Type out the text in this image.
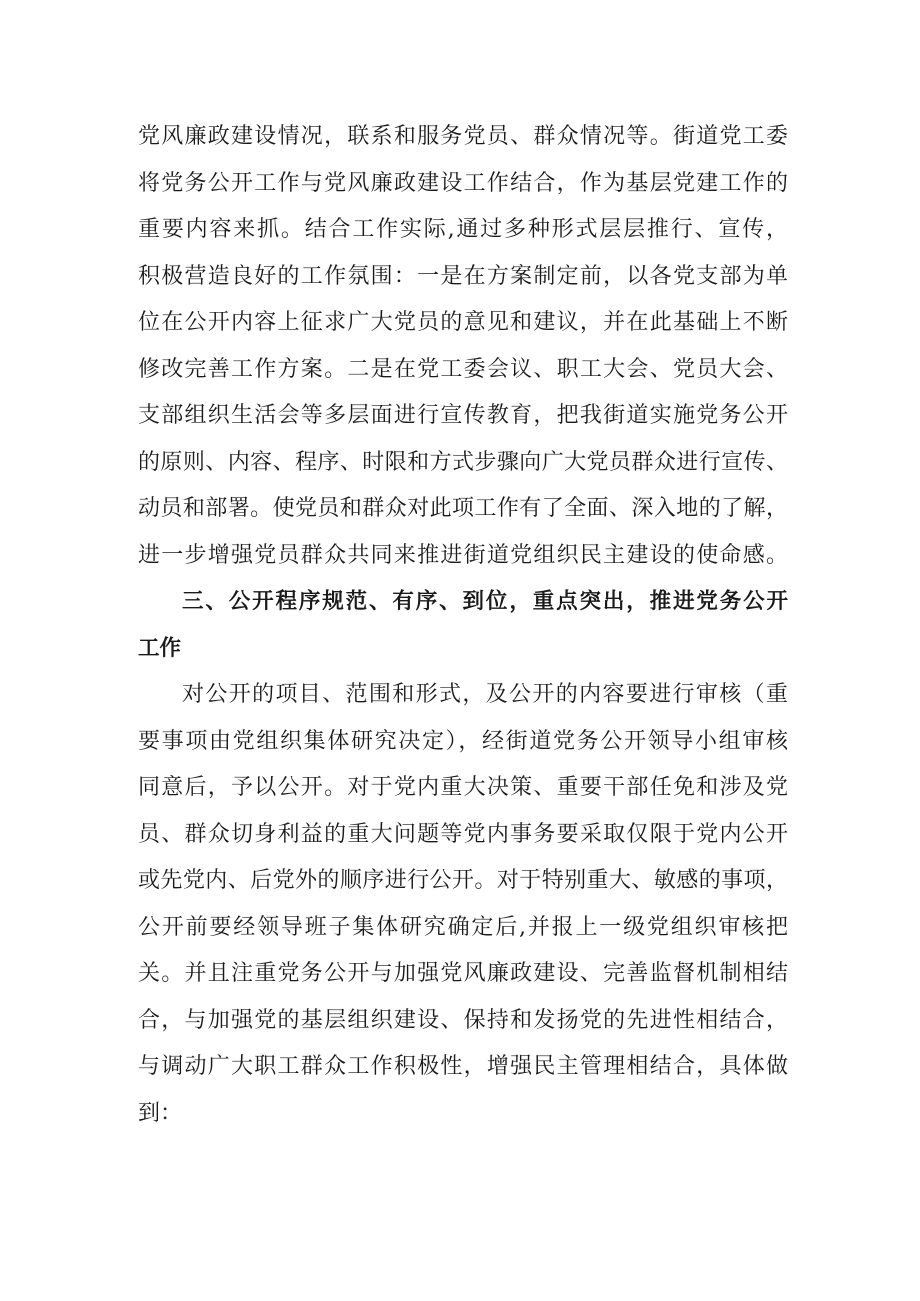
党风廉政建设情况，联系和服务党员、群众情况等。街道党工委
将党务公开工作与党风廉政建设工作结合，作为基层党建工作的
重要内容来抓。结合工作实际,通过多种形式层层推行、宣传，
积极营造良好的工作氛围：一是在方案制定前，以各党支部为单
位在公开内容上征求广大党员的意见和建议，并在此基础上不断
修改完善工作方案。二是在党工委会议、职工大会、党员大会、
支部组织生活会等多层面进行宣传教育，把我街道实施党务公开
的原则、内容、程序、时限和方式步骤向广大党员群众进行宣传、
动员和部署。使党员和群众对此项工作有了全面、深入地的了解，
进一步增强党员群众共同来推进街道党组织民主建设的使命感。
三、公开程序规范、有序、到位，重点突出，推进党务公开
工作
对公开的项目、范围和形式，及公开的内容要进行审核（重
要事项由党组织集体研究决定），经街道党务公开领导小组审核
同意后，予以公开。对于党内重大决策、重要干部任免和涉及党
员、群众切身利益的重大问题等党内事务要采取仅限于党内公开
或先党内、后党外的顺序进行公开。对于特别重大、敏感的事项，
公开前要经领导班子集体研究确定后,并报上一级党组织审核把
关。并且注重党务公开与加强党风廉政建设、完善监督机制相结
合，与加强党的基层组织建设、保持和发扬党的先进性相结合，
与调动广大职工群众工作积极性，增强民主管理相结合，具体做
到：
